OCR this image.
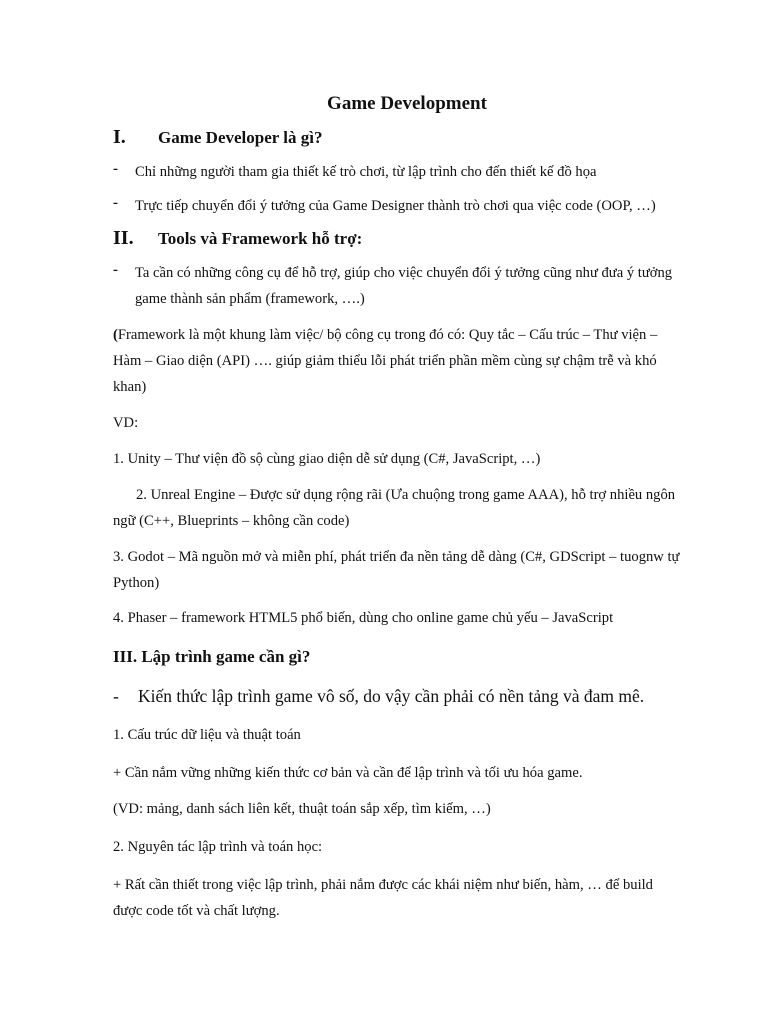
Game Development
I. Game Developer là gì?
- Chỉ những người tham gia thiết kế trò chơi, từ lập trình cho đến thiết kế đồ họa
- Trực tiếp chuyển đổi ý tưởng của Game Designer thành trò chơi qua việc code (OOP, …)
II. Tools và Framework hỗ trợ:
- Ta cần có những công cụ để hỗ trợ, giúp cho việc chuyển đổi ý tưởng cũng như đưa ý tưởng
game thành sản phẩm (framework, ….)
(Framework là một khung làm việc/ bộ công cụ trong đó có: Quy tắc – Cấu trúc – Thư viện –
Hàm – Giao diện (API) …. giúp giảm thiểu lỗi phát triển phần mềm cùng sự chậm trễ và khó
khan)
VD:
1. Unity – Thư viện đồ sộ cùng giao diện dễ sử dụng (C#, JavaScript, …)
2. Unreal Engine – Được sử dụng rộng rãi (Ưa chuộng trong game AAA), hỗ trợ nhiều ngôn
ngữ (C++, Blueprints – không cần code)
3. Godot – Mã nguồn mở và miễn phí, phát triển đa nền tảng dễ dàng (C#, GDScript – tuognw tự
Python)
4. Phaser – framework HTML5 phổ biến, dùng cho online game chủ yếu – JavaScript
III. Lập trình game cần gì?
- Kiến thức lập trình game vô số, do vậy cần phải có nền tảng và đam mê.
1. Cấu trúc dữ liệu và thuật toán
+ Cần nắm vững những kiến thức cơ bản và cần để lập trình và tối ưu hóa game.
(VD: mảng, danh sách liên kết, thuật toán sắp xếp, tìm kiếm, …)
2. Nguyên tác lập trình và toán học:
+ Rất cần thiết trong việc lập trình, phải nắm được các khái niệm như biến, hàm, … để build
được code tốt và chất lượng.
